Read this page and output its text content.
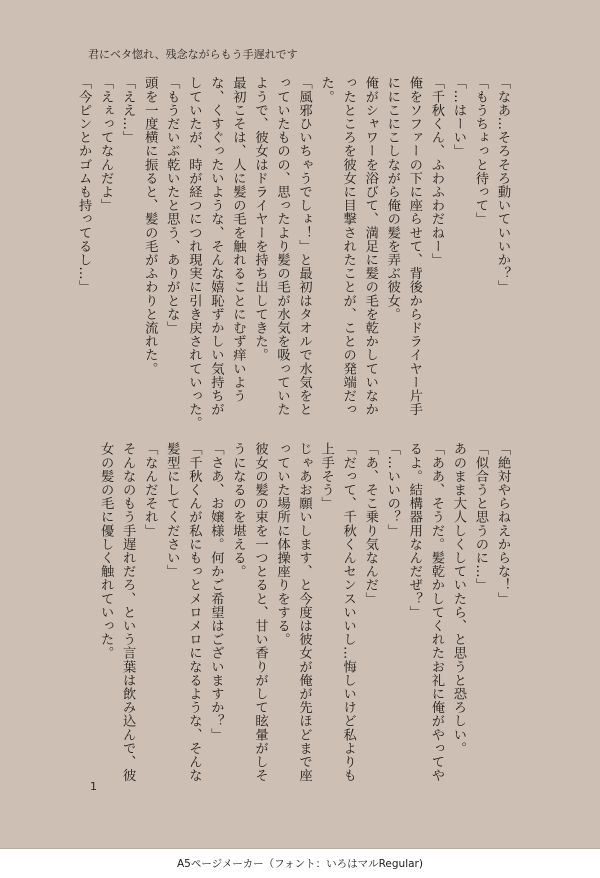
君にベタ惚れ、残念ながらもう手遅れです

「なあ…そろそろ動いていいか？」

「もうちょっと待って」

「…はーい」

「千秋くん、ふわふわだねー」

俺をソファーの下に座らせて、背後からドライヤー片手

ににこにこしながら俺の髪を弄ぶ彼女。

俺がシャワーを浴びて、満足に髪の毛を乾かしていなか

ったところを彼女に目撃されたことが、ことの発端だっ

た。

「風邪ひいちゃうでしょ！」と最初はタオルで水気をと

っていたものの、思ったより髪の毛が水気を吸っていた

ようで、彼女はドライヤーを持ち出してきた。

最初こそは、人に髪の毛を触れることにむず痒いよう

な、くすぐったいような、そんな嬉恥ずかしい気持ちが

していたが、時が経つにつれ現実に引き戻されていった。

「もうだいぶ乾いたと思う、ありがとな」

頭を一度横に振ると、髪の毛がふわりと流れた。

「ええ…」

「えぇってなんだよ」

「今ピンとかゴムも持ってるし…」

「絶対やらねえからな！」

「似合うと思うのに…」

あのまま大人しくしていたら、と思うと恐ろしい。

「ああ、そうだ。髪乾かしてくれたお礼に俺がやってや

るよ。結構器用なんだぜ？」

「…いいの？」

「あ、そこ乗り気なんだ」

「だって、千秋くんセンスいいし…悔しいけど私よりも

上手そう」

じゃあお願いします、と今度は彼女が俺が先ほどまで座

っていた場所に体操座りをする。

彼女の髪の束を一つとると、甘い香りがして眩暈がしそ

うになるのを堪える。

「さあ、お嬢様。何かご希望はございますか？」

「千秋くんが私にもっとメロメロになるような、そんな

髪型にしてください」

「なんだそれ」

そんなのもう手遅れだろ、という言葉は飲み込んで、彼

女の髪の毛に優しく触れていった。

1
A5ページメーカー（フォント：いろはマルRegular)
